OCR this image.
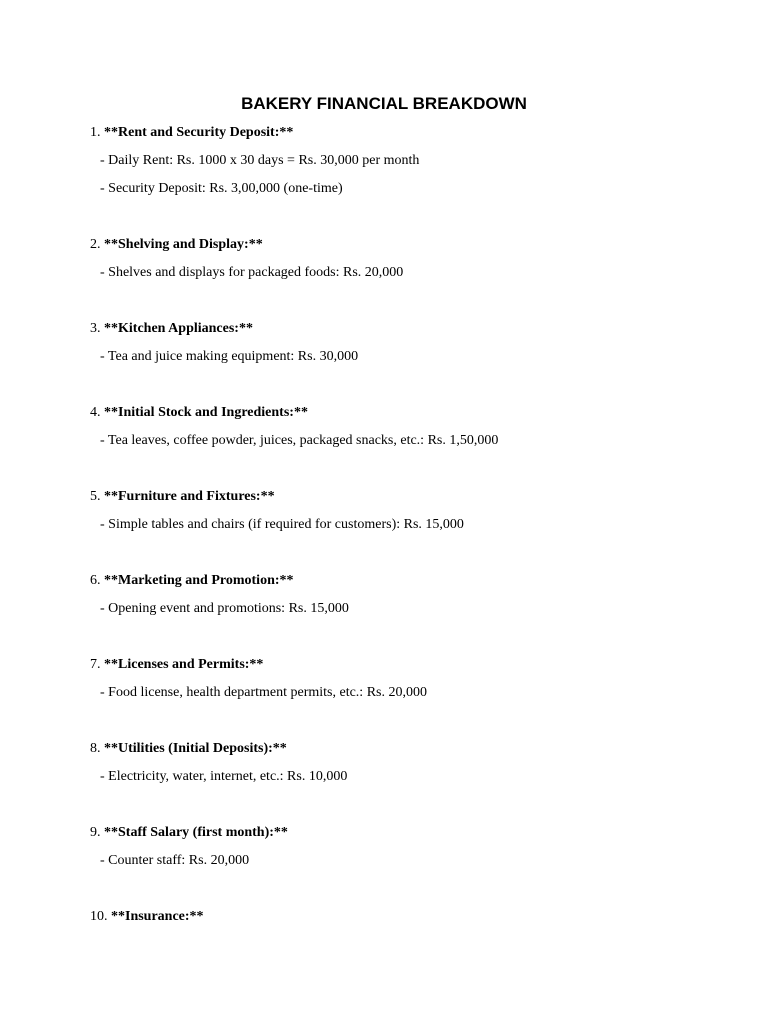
BAKERY FINANCIAL BREAKDOWN
1. **Rent and Security Deposit:**
- Daily Rent: Rs. 1000 x 30 days = Rs. 30,000 per month
- Security Deposit: Rs. 3,00,000 (one-time)
2. **Shelving and Display:**
- Shelves and displays for packaged foods: Rs. 20,000
3. **Kitchen Appliances:**
- Tea and juice making equipment: Rs. 30,000
4. **Initial Stock and Ingredients:**
- Tea leaves, coffee powder, juices, packaged snacks, etc.: Rs. 1,50,000
5. **Furniture and Fixtures:**
- Simple tables and chairs (if required for customers): Rs. 15,000
6. **Marketing and Promotion:**
- Opening event and promotions: Rs. 15,000
7. **Licenses and Permits:**
- Food license, health department permits, etc.: Rs. 20,000
8. **Utilities (Initial Deposits):**
- Electricity, water, internet, etc.: Rs. 10,000
9. **Staff Salary (first month):**
- Counter staff: Rs. 20,000
10. **Insurance:**
